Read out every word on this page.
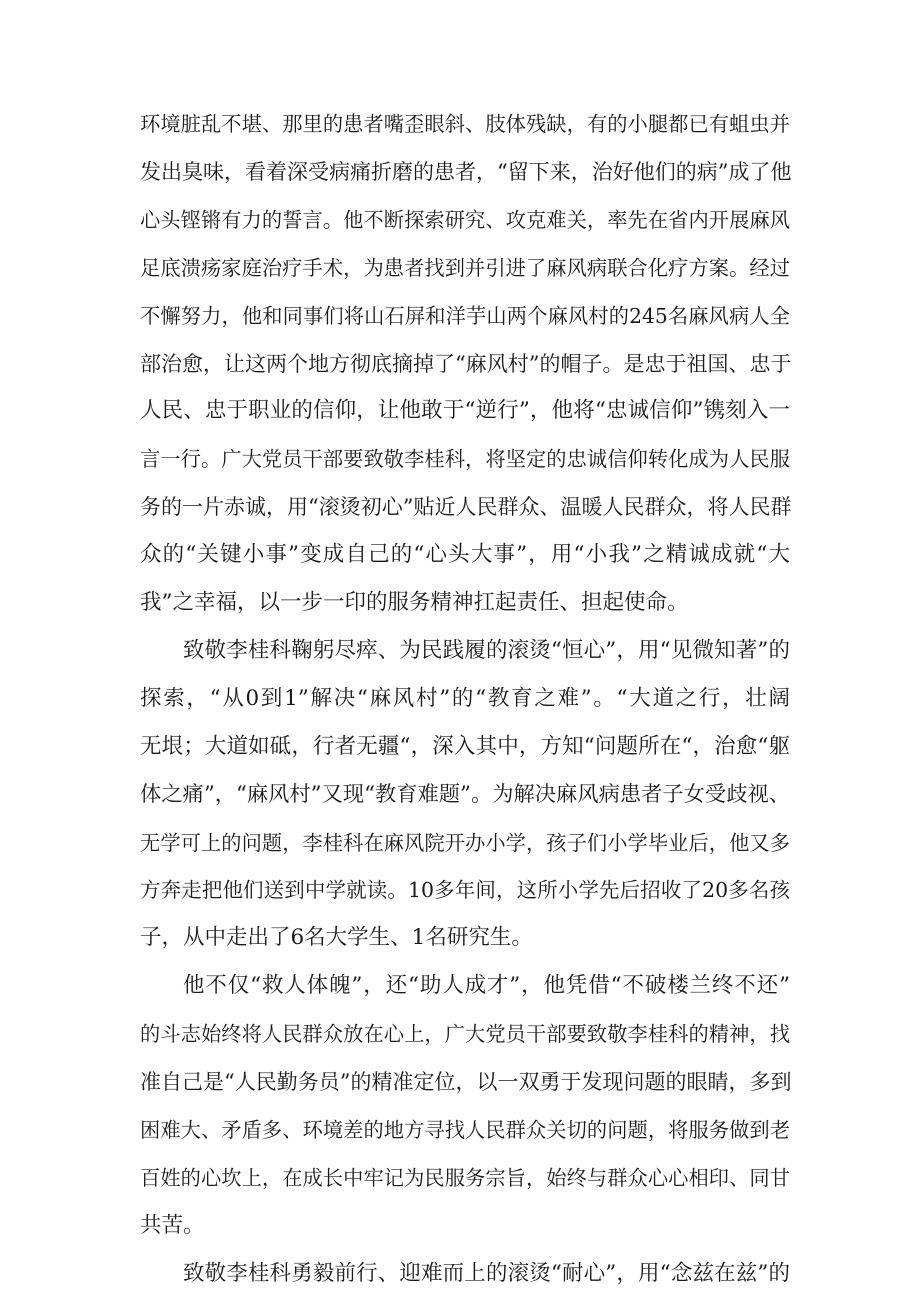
环境脏乱不堪、那里的患者嘴歪眼斜、肢体残缺，有的小腿都已有蛆虫并
发出臭味，看着深受病痛折磨的患者，“留下来，治好他们的病”成了他
心头铿锵有力的誓言。他不断探索研究、攻克难关，率先在省内开展麻风
足底溃疡家庭治疗手术，为患者找到并引进了麻风病联合化疗方案。经过
不懈努力，他和同事们将山石屏和洋芋山两个麻风村的245名麻风病人全
部治愈，让这两个地方彻底摘掉了“麻风村”的帽子。是忠于祖国、忠于
人民、忠于职业的信仰，让他敢于“逆行”，他将“忠诚信仰”镌刻入一
言一行。广大党员干部要致敬李桂科，将坚定的忠诚信仰转化成为人民服
务的一片赤诚，用“滚烫初心”贴近人民群众、温暖人民群众，将人民群
众的“关键小事”变成自己的“心头大事”，用“小我”之精诚成就“大
我”之幸福，以一步一印的服务精神扛起责任、担起使命。
致敬李桂科鞠躬尽瘁、为民践履的滚烫“恒心”，用“见微知著”的
探索，“从0到1”解决“麻风村”的“教育之难”。“大道之行，壮阔
无垠；大道如砥，行者无疆“，深入其中，方知“问题所在“，治愈“躯
体之痛”，“麻风村”又现“教育难题”。为解决麻风病患者子女受歧视、
无学可上的问题，李桂科在麻风院开办小学，孩子们小学毕业后，他又多
方奔走把他们送到中学就读。10多年间，这所小学先后招收了20多名孩
子，从中走出了6名大学生、1名研究生。
他不仅“救人体魄”，还“助人成才”，他凭借“不破楼兰终不还”
的斗志始终将人民群众放在心上，广大党员干部要致敬李桂科的精神，找
准自己是“人民勤务员”的精准定位，以一双勇于发现问题的眼睛，多到
困难大、矛盾多、环境差的地方寻找人民群众关切的问题，将服务做到老
百姓的心坎上，在成长中牢记为民服务宗旨，始终与群众心心相印、同甘
共苦。
致敬李桂科勇毅前行、迎难而上的滚烫“耐心”，用“念兹在兹”的
